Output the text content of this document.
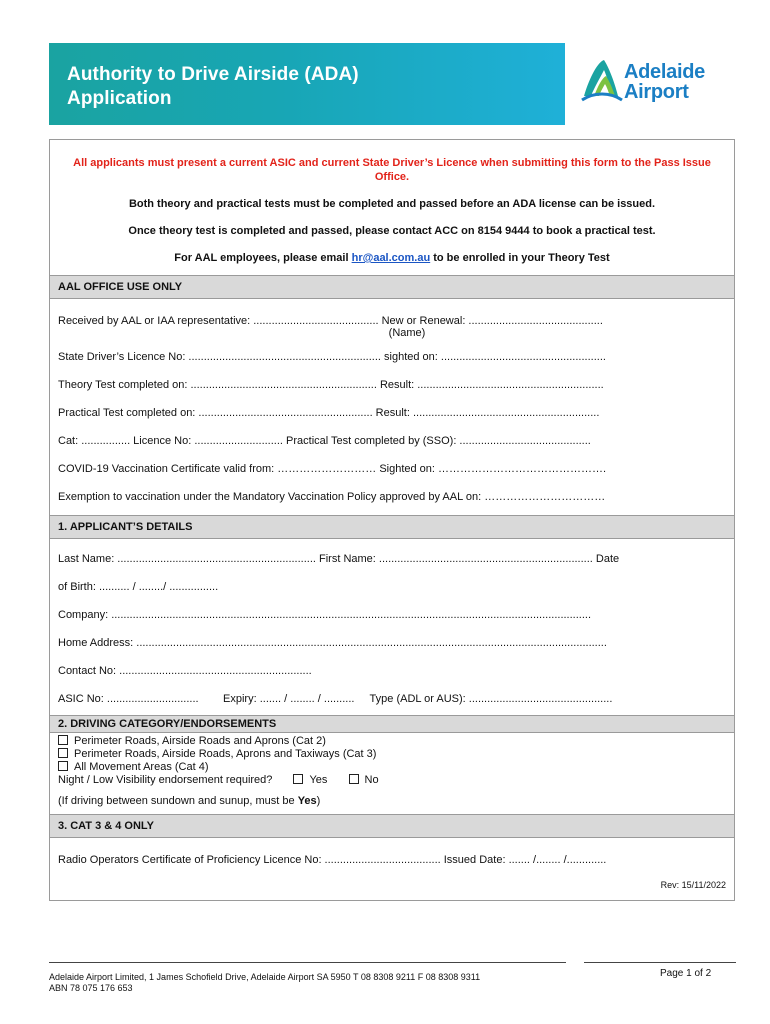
Authority to Drive Airside (ADA)
Application
Adelaide
Airport
All applicants must present a current ASIC and current State Driver’s Licence when submitting this form to the Pass Issue Office.
Both theory and practical tests must be completed and passed before an ADA license can be issued.
Once theory test is completed and passed, please contact ACC on 8154 9444 to book a practical test.
For AAL employees, please email hr@aal.com.au to be enrolled in your Theory Test
AAL OFFICE USE ONLY
Received by AAL or IAA representative: ......................................... New or Renewal: ............................................
(Name)
State Driver’s Licence No: ............................................................... sighted on: ......................................................
Theory Test completed on: ............................................................. Result: .............................................................
Practical Test completed on: ......................................................... Result: .............................................................
Cat: ................ Licence No: ............................. Practical Test completed by (SSO): ...........................................
COVID-19 Vaccination Certificate valid from: ……………………… Sighted on: ……………………………………….
Exemption to vaccination under the Mandatory Vaccination Policy approved by AAL on: ……………………………
1. APPLICANT’S DETAILS
Last Name: ................................................................. First Name: ...................................................................... Date
of Birth: .......... / ......../ ................
Company: .............................................................................................................................................................
Home Address: ..........................................................................................................................................................
Contact No: ...............................................................
ASIC No: ..............................        Expiry: ....... / ........ / ..........     Type (ADL or AUS): ...............................................
2. DRIVING CATEGORY/ENDORSEMENTS
Perimeter Roads, Airside Roads and Aprons (Cat 2)
Perimeter Roads, Airside Roads, Aprons and Taxiways (Cat 3)
All Movement Areas (Cat 4)
Night / Low Visibility endorsement required?	Yes	No
(If driving between sundown and sunup, must be Yes)
3. CAT 3 & 4 ONLY
Radio Operators Certificate of Proficiency Licence No: ...................................... Issued Date: ....... /........ /.............
Rev: 15/11/2022
Adelaide Airport Limited, 1 James Schofield Drive, Adelaide Airport SA 5950 T 08 8308 9211 F 08 8308 9311
ABN 78 075 176 653
Page 1 of 2
